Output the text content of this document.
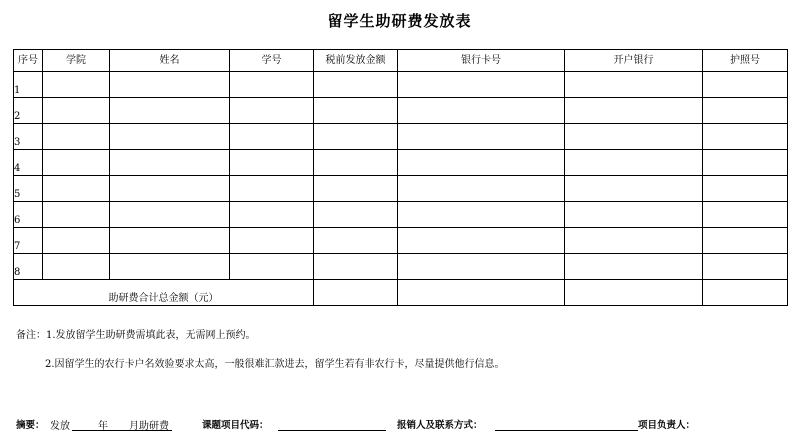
留学生助研费发放表
序号	学院	姓名	学号	税前发放金额	银行卡号	开户银行	护照号
1							
2							
3							
4							
5							
6							
7							
8							
助研费合计总金额（元）							
备注：1.发放留学生助研费需填此表，无需网上预约。
2.因留学生的农行卡户名效验要求太高，一般很难汇款进去，留学生若有非农行卡，尽量提供他行信息。
摘要： 发放	年 月助研费	课题项目代码：	报销人及联系方式：	项目负责人：
